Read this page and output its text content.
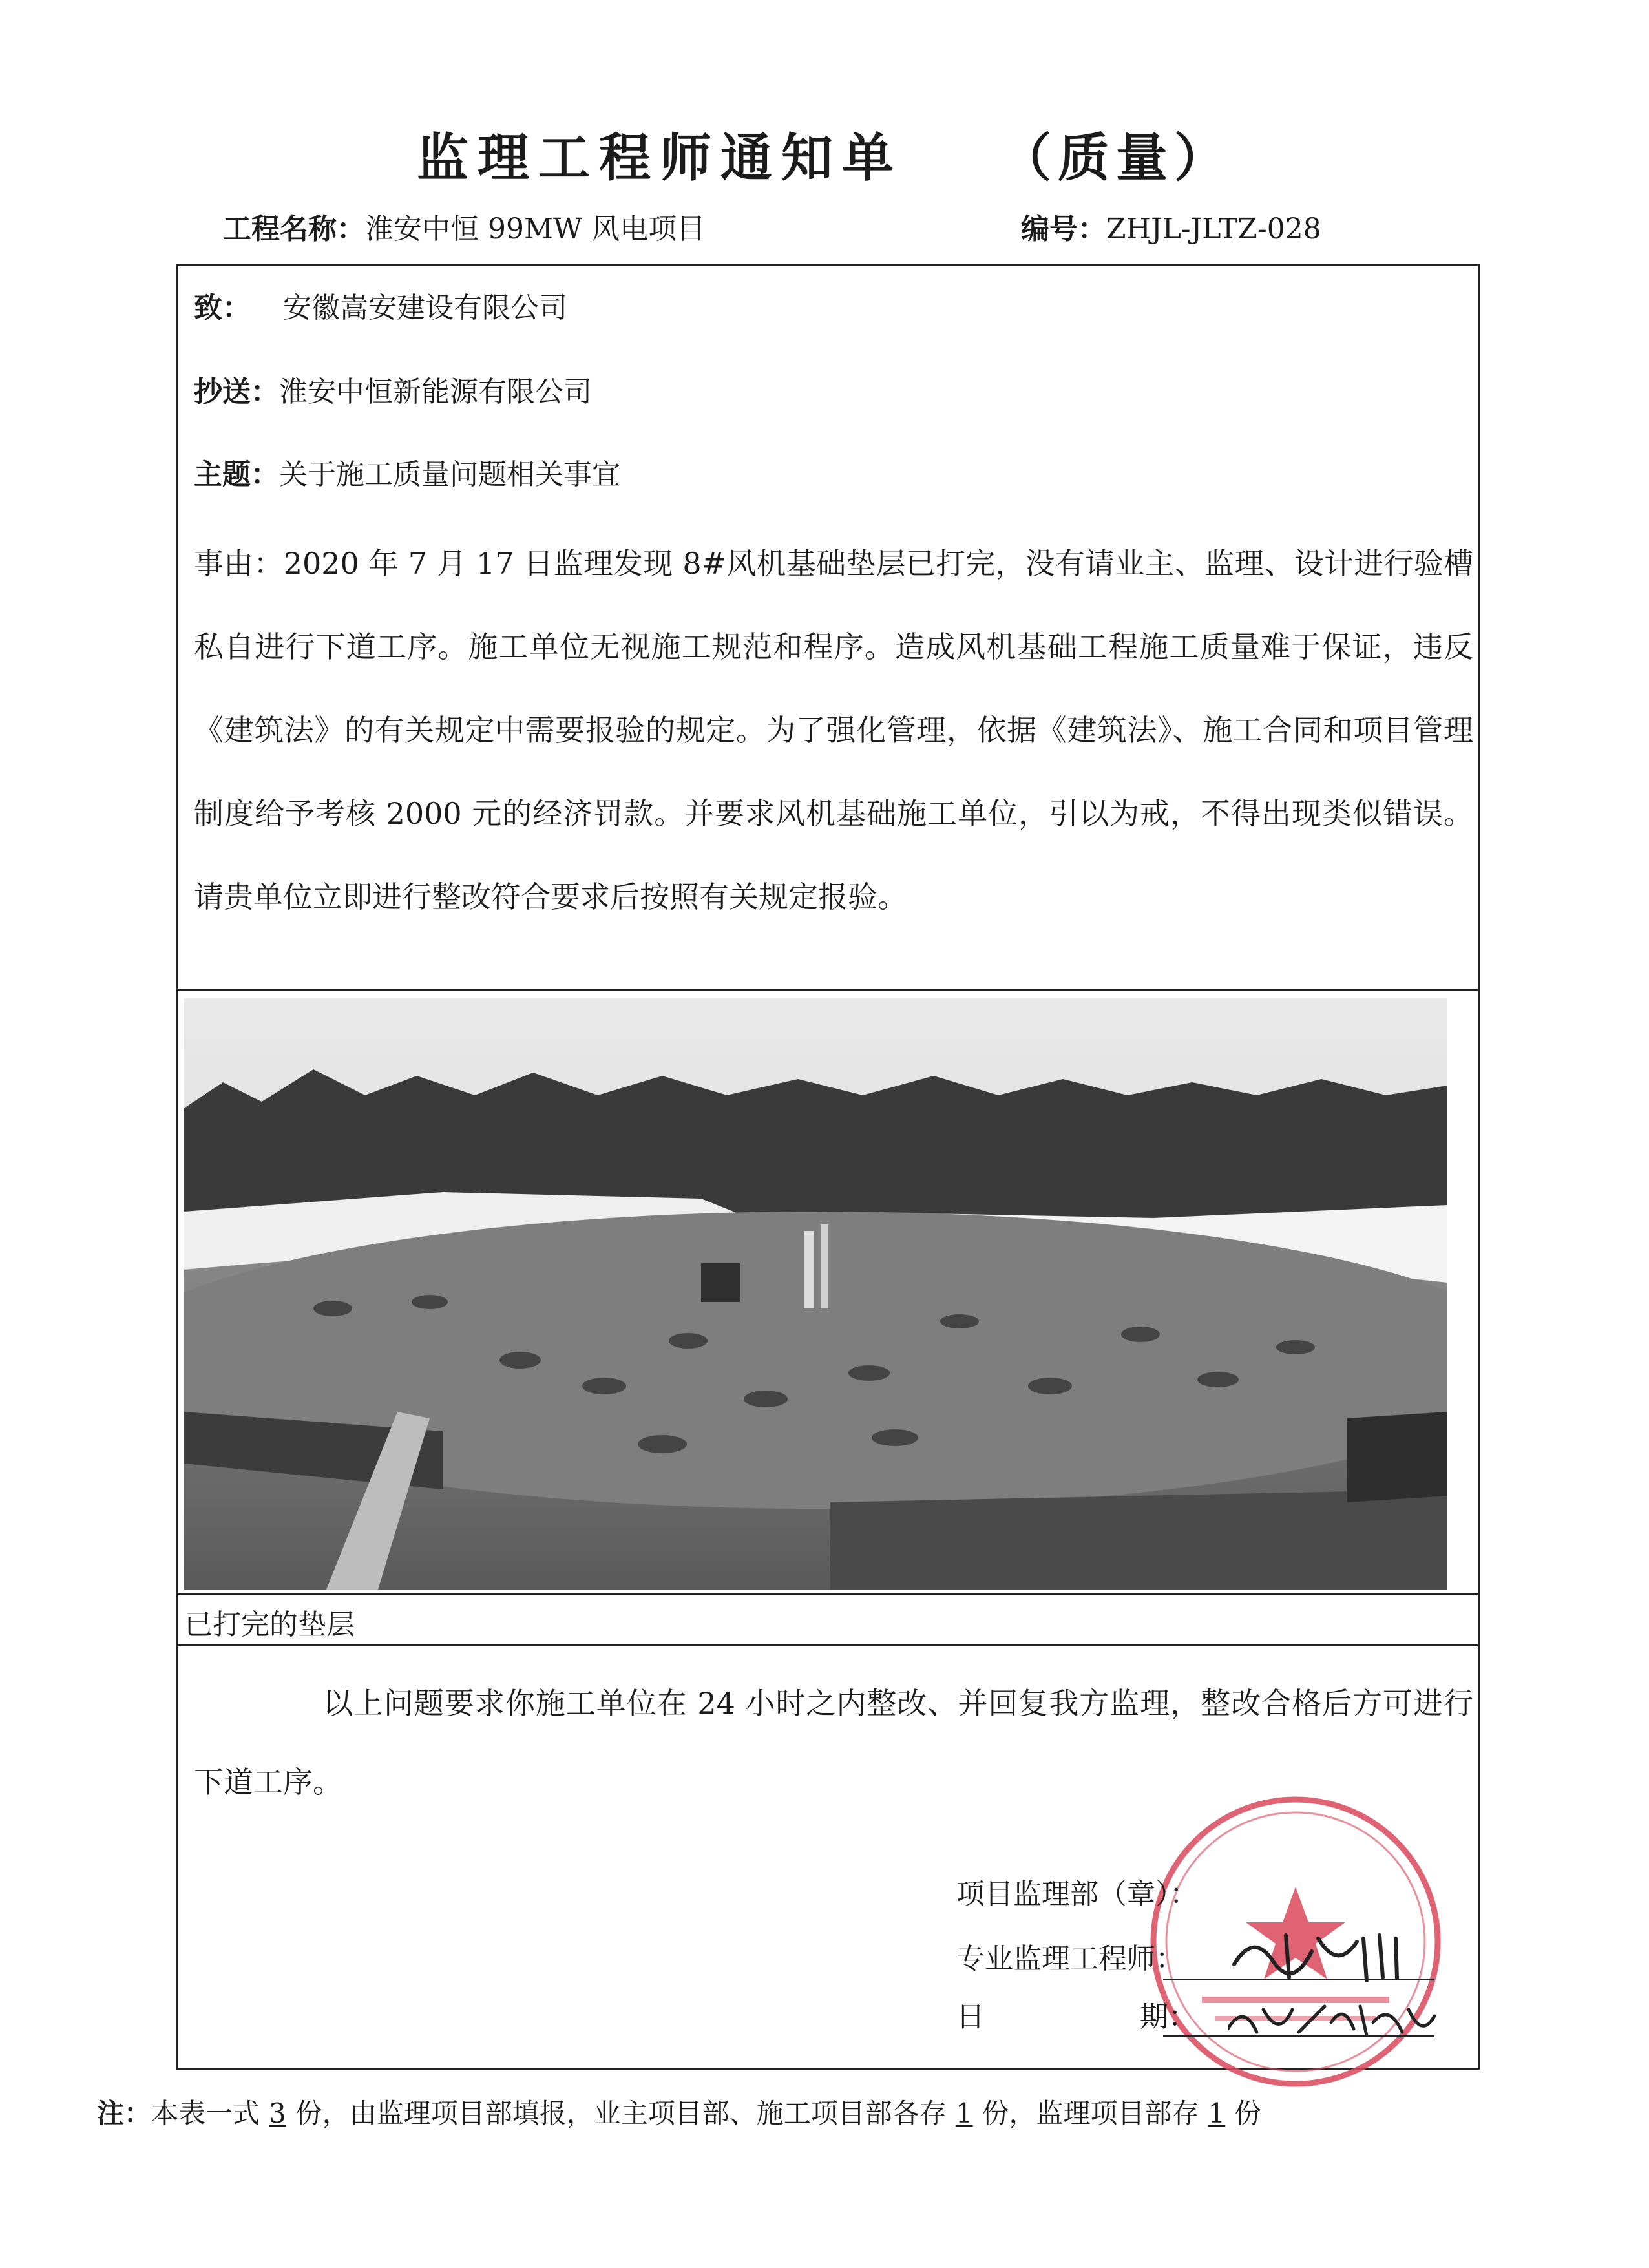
监理工程师通知单 （质量）
工程名称：淮安中恒 99MW 风电项目	编号：ZHJL-JLTZ-028
致： 安徽嵩安建设有限公司
抄送：淮安中恒新能源有限公司
主题：关于施工质量问题相关事宜
事由：2020 年 7 月 17 日监理发现 8#风机基础垫层已打完，没有请业主、监理、设计进行验槽私自进行下道工序。施工单位无视施工规范和程序。造成风机基础工程施工质量难于保证，违反《建筑法》的有关规定中需要报验的规定。为了强化管理，依据《建筑法》、施工合同和项目管理制度给予考核 2000 元的经济罚款。并要求风机基础施工单位，引以为戒，不得出现类似错误。请贵单位立即进行整改符合要求后按照有关规定报验。
已打完的垫层
以上问题要求你施工单位在 24 小时之内整改、并回复我方监理，整改合格后方可进行下道工序。
项目监理部（章）：
专业监理工程师：
日	期：
注：本表一式 3 份，由监理项目部填报，业主项目部、施工项目部各存 1 份，监理项目部存 1 份
